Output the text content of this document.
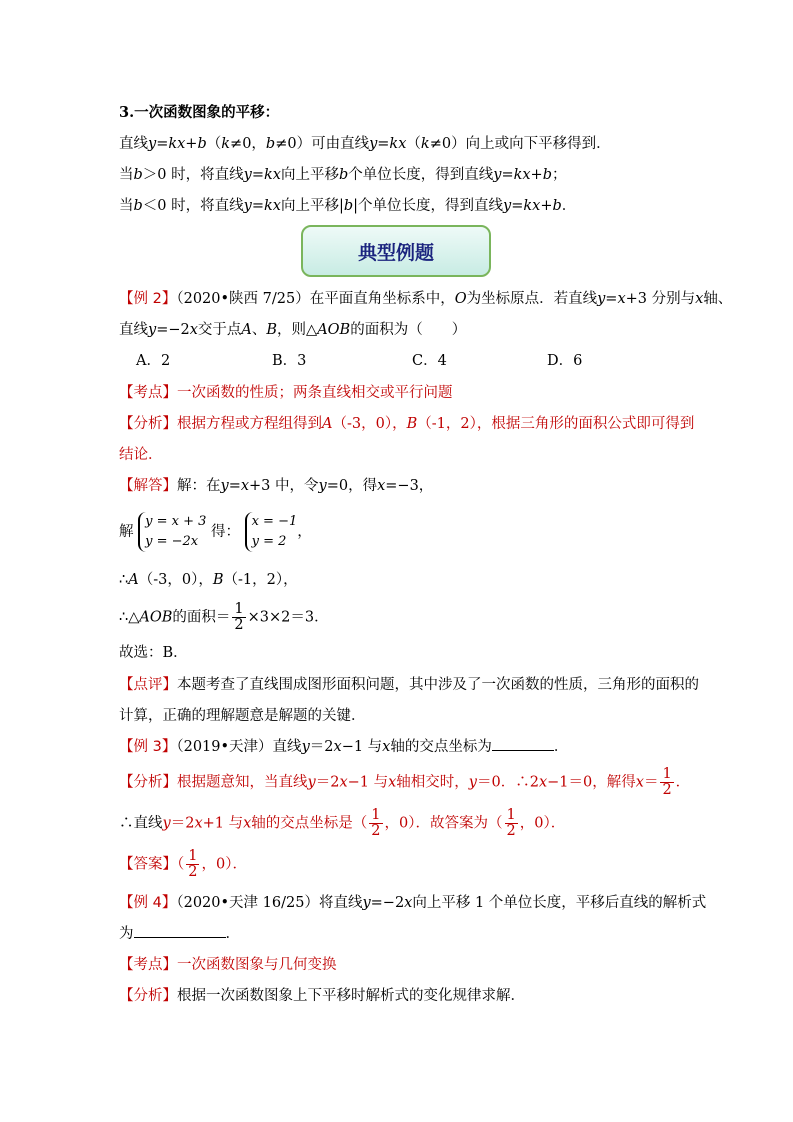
3.一次函数图象的平移：
直线y=kx+b（k≠0，b≠0）可由直线y=kx（k≠0）向上或向下平移得到．
当b＞0 时，将直线y=kx向上平移b个单位长度，得到直线y=kx+b；
当b＜0 时，将直线y=kx向上平移|b|个单位长度，得到直线y=kx+b．
典型例题
【例 2】（2020•陕西 7/25）在平面直角坐标系中，O为坐标原点．若直线y=x+3 分别与x轴、
直线y=−2x交于点A、B，则△AOB的面积为（　　）
A．2	B．3	C．4	D．6
【考点】一次函数的性质；两条直线相交或平行问题
【分析】根据方程或方程组得到A（-3，0），B（-1，2），根据三角形的面积公式即可得到
结论．
【解答】解：在y=x+3 中，令y=0，得x=−3，
解
y = x + 3
y = −2x
得：
x = −1
y = 2
，
∴A（-3，0），B（-1，2），
∴△AOB的面积＝ $\frac{1}{2} \times 3\times 2=3$．
故选：B．
【点评】本题考查了直线围成图形面积问题，其中涉及了一次函数的性质，三角形的面积的
计算，正确的理解题意是解题的关键．
【例 3】（2019•天津）直线y＝2x−1 与x轴的交点坐标为	．
【分析】根据题意知，当直线y＝2x−1 与x轴相交时，y＝0．∴2x−1＝0，解得$x= \frac{1}{2}$ ．
∴直线y＝2x+1 与x轴的交点坐标是（ $\frac{1}{2}$ ，0）．故答案为（ $\frac{1}{2}$ ，0）．
【答案】（ $\frac{1}{2}$ ，0）．
【例 4】（2020•天津 16/25）将直线y=−2x向上平移 1 个单位长度，平移后直线的解析式
为	．
【考点】一次函数图象与几何变换
【分析】根据一次函数图象上下平移时解析式的变化规律求解．
